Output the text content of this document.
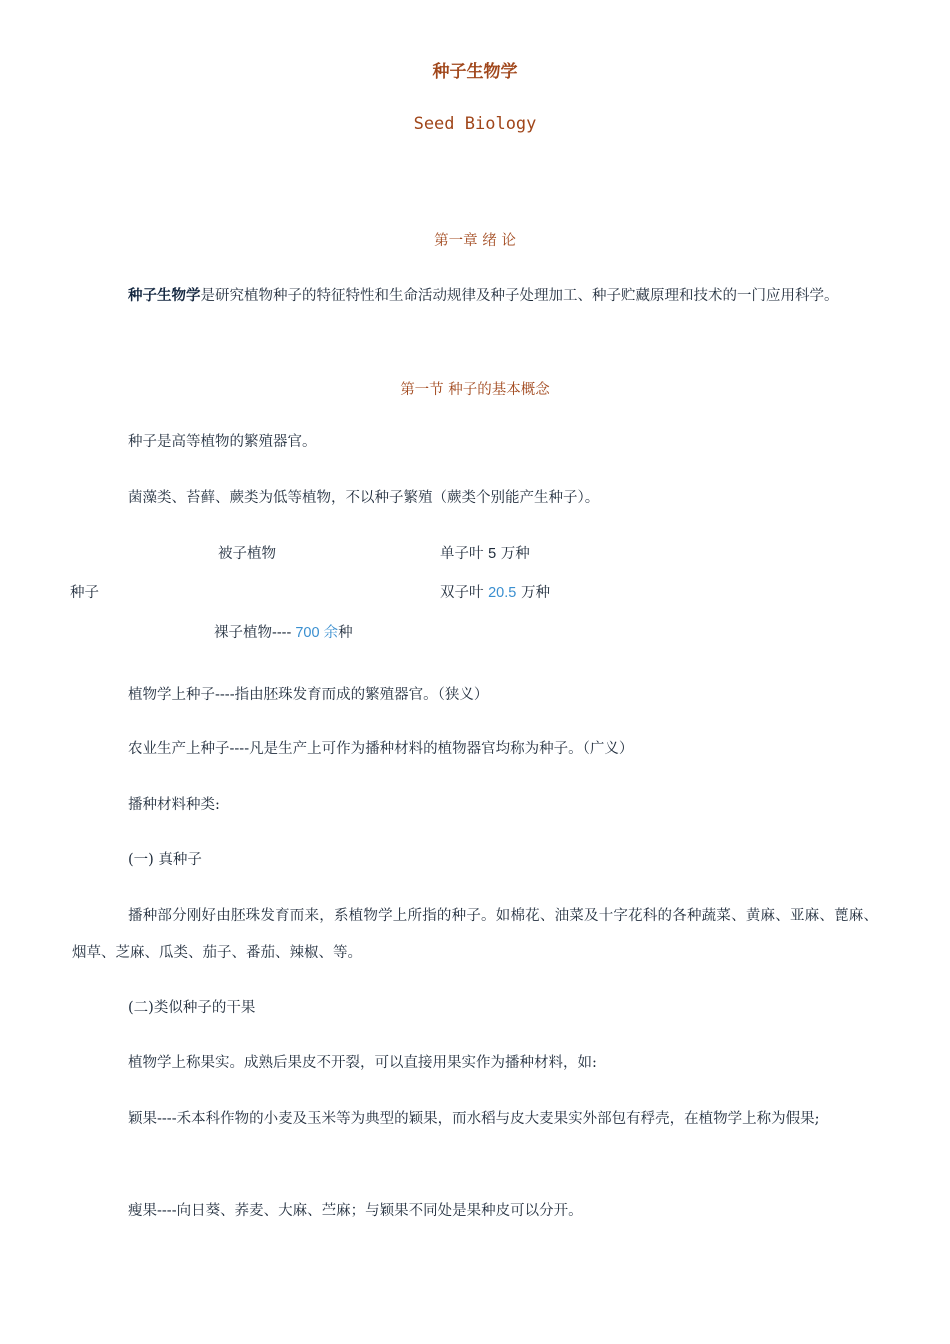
种子生物学
Seed Biology
第一章 绪 论
种子生物学是研究植物种子的特征特性和生命活动规律及种子处理加工、种子贮藏原理和技术的一门应用科学。
第一节 种子的基本概念
种子是高等植物的繁殖器官。
菌藻类、苔藓、蕨类为低等植物，不以种子繁殖（蕨类个别能产生种子）。
被子植物	单子叶 5 万种
种子	双子叶 20.5 万种
裸子植物---- 700 余种
植物学上种子----指由胚珠发育而成的繁殖器官。（狭义）
农业生产上种子----凡是生产上可作为播种材料的植物器官均称为种子。（广义）
播种材料种类:
(一) 真种子
播种部分刚好由胚珠发育而来，系植物学上所指的种子。如棉花、油菜及十字花科的各种蔬菜、黄麻、亚麻、蓖麻、烟草、芝麻、瓜类、茄子、番茄、辣椒、等。
(二)类似种子的干果
植物学上称果实。成熟后果皮不开裂，可以直接用果实作为播种材料，如:
颖果----禾本科作物的小麦及玉米等为典型的颖果，而水稻与皮大麦果实外部包有稃壳，在植物学上称为假果;
瘦果----向日葵、荞麦、大麻、苎麻；与颖果不同处是果种皮可以分开。
